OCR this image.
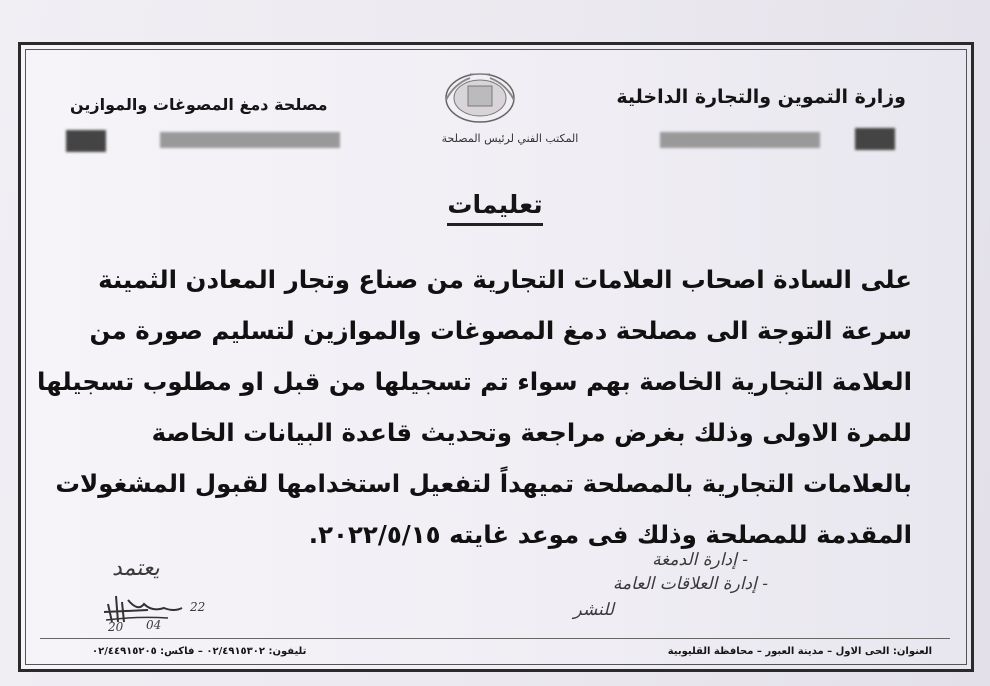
وزارة التموين والتجارة الداخلية
مصلحة دمغ المصوغات والموازين
المكتب الفني لرئيس المصلحة
تعليمات
على السادة اصحاب العلامات التجارية من صناع وتجار المعادن الثمينة
سرعة التوجة الى مصلحة دمغ المصوغات والموازين لتسليم صورة من
العلامة التجارية الخاصة بهم سواء تم تسجيلها من قبل او مطلوب تسجيلها
للمرة الاولى وذلك بغرض مراجعة وتحديث قاعدة البيانات الخاصة
بالعلامات التجارية بالمصلحة تميهداً لتفعيل استخدامها لقبول المشغولات
المقدمة للمصلحة وذلك فى موعد غايته ٢٠٢٢/٥/١٥.
يعتمد
22
20 04
- إدارة الدمغة
- إدارة العلاقات العامة
للنشر
تليفون: ٠٢/٤٩١٥٣٠٢ – فاكس: ٠٢/٤٤٩١٥٢٠٥	العنوان: الحى الاول – مدينة العبور – محافظة القليوبية
